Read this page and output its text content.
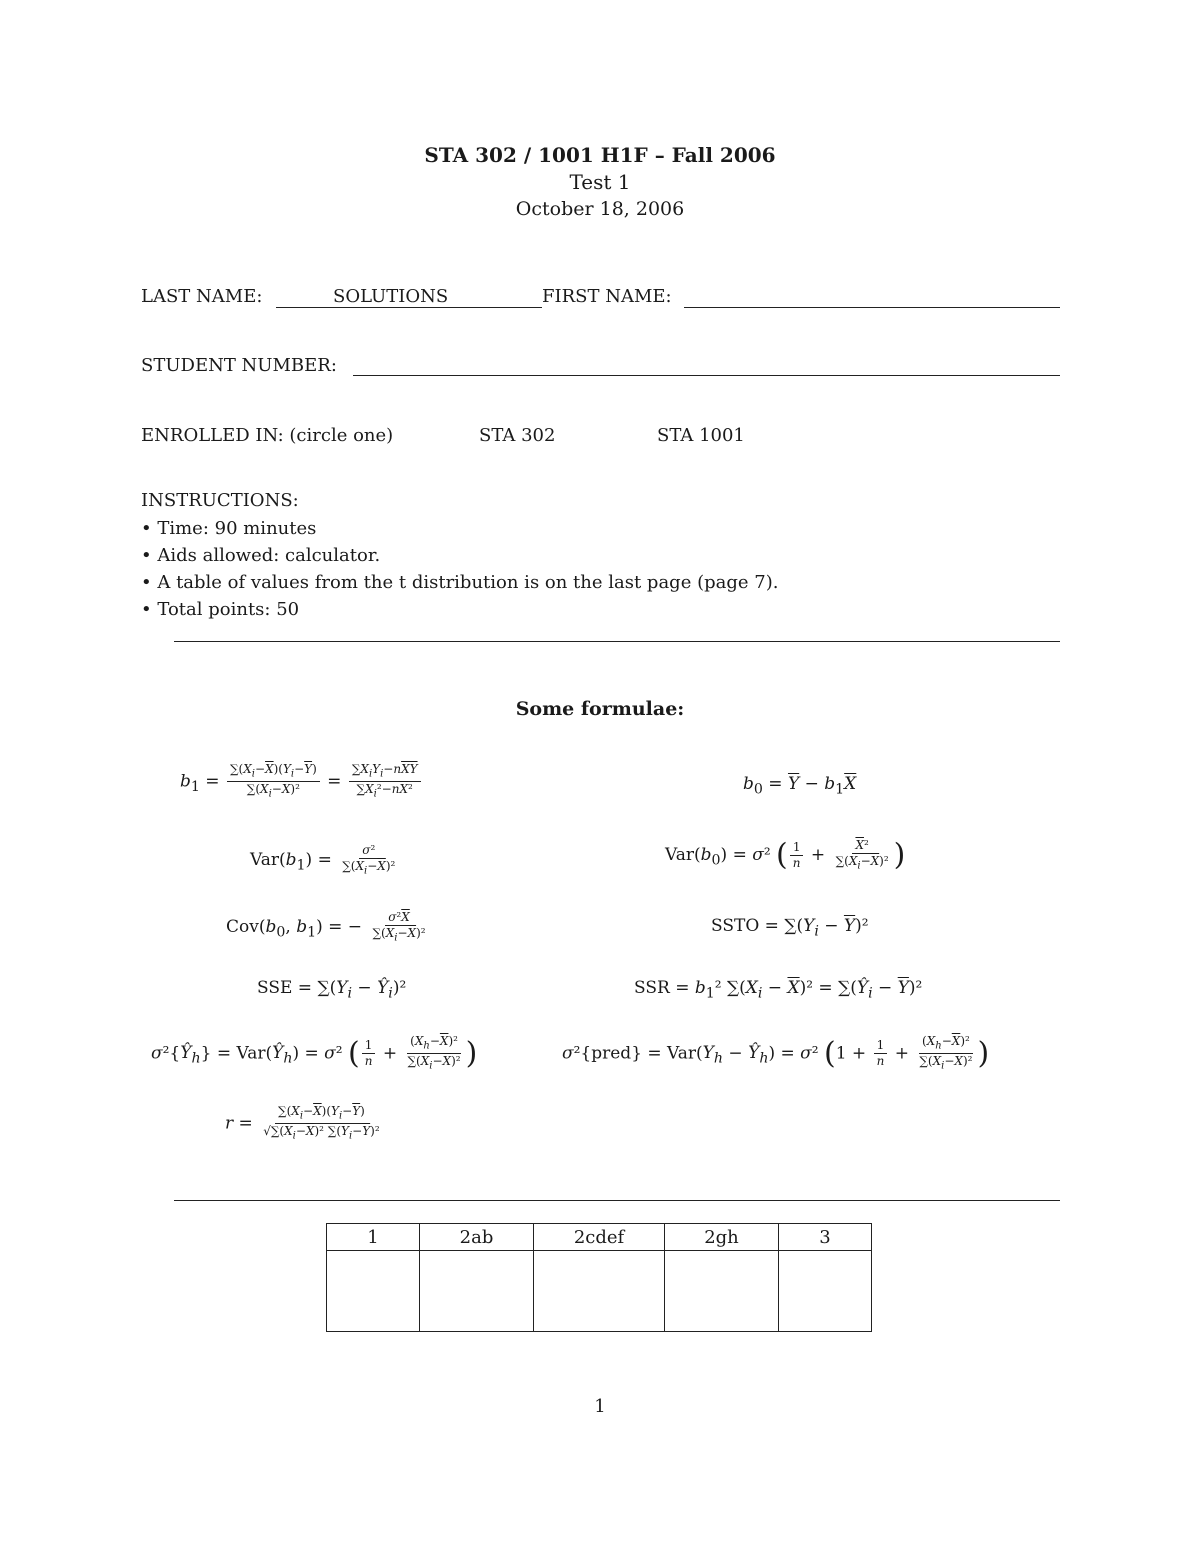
STA 302 / 1001 H1F – Fall 2006
Test 1
October 18, 2006
LAST NAME:	SOLUTIONS	FIRST NAME:
STUDENT NUMBER:
ENROLLED IN: (circle one)	STA 302	STA 1001
INSTRUCTIONS:
• Time: 90 minutes
• Aids allowed: calculator.
• A table of values from the t distribution is on the last page (page 7).
• Total points: 50
Some formulae:
$b_1 = \frac{\sum(X_i-\overline{X})(Y_i-\overline{Y})}{\sum(X_i-\overline{X})^2} = \frac{\sum X_iY_i-n\overline{XY}}{\sum X_i^2-n\overline{X}^2}$	$b_0 = \overline{Y} - b_1\overline{X}$
$Var(b_1) = \frac{\text{σ²}}{\sum(X_i-\overline{X})^2}$	$Var(b_0) = \sigma^2$ ( $\frac{1}{n} + \frac{\overline{X}^2}{\sum(X_i-\overline{X})^2}$ )
$Cov(b_0$, $b_1$) = − $\frac{\sigma^2\overline{X}}{\sum(X_i-\overline{X})^2}$	SSTO = $\sum(Y_i - \overline{Y})^2$
SSE = $\sum(Y_i$ − $Ŷ_i)^2$	SSR = $b_1^2$ $\sum(X_i - \overline{X})^2$ = $\sum(Ŷ_i - \overline{Y})^2$
$\sigma^2\{Ŷ_h\}$ = $Var(Ŷ_h) = \sigma^2$ ( $\frac{1}{n} + \frac{(X_h-\overline{X})^2}{\sum(X_i-\overline{X})^2}$ )	σ²{pred} = $Var(Y_h$ − $Ŷ_h) = \sigma^2$ ($1 + \frac{1}{n} + \frac{(X_h-\overline{X})^2}{\sum(X_i-\overline{X})^2}$ )
$r = \frac{\sum(X_i-\overline{X})(Y_i-\overline{Y})}{√\sum(X_i-\overline{X})^2 \sum(Y_i-\overline{Y})^2}$
1	2ab	2cdef	2gh	3

1
